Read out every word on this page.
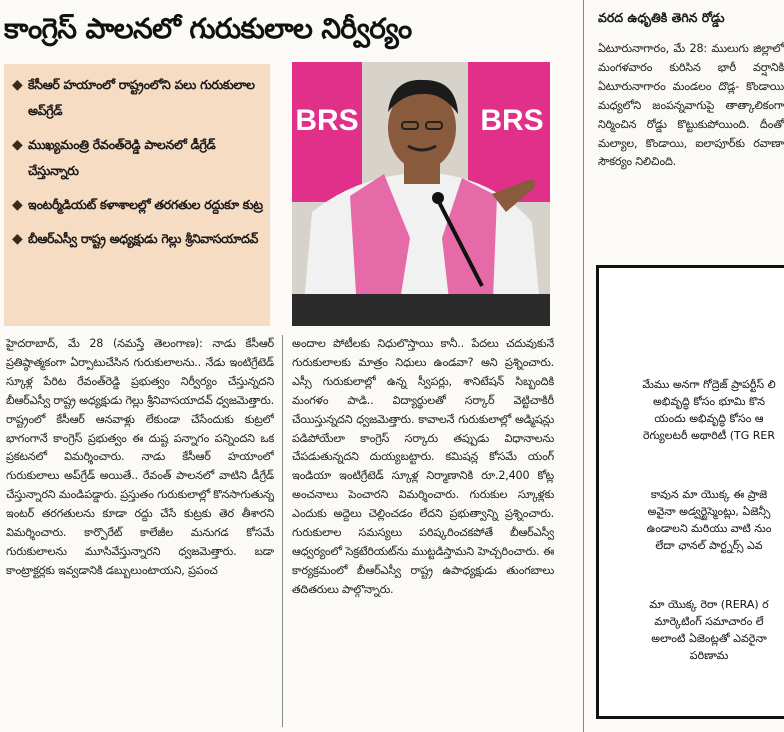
కాంగ్రెస్ పాలనలో గురుకులాల నిర్వీర్యం
◆ కేసీఆర్ హయాంలో రాష్ట్రంలోని పలు గురుకులాల అప్‌గ్రేడ్
◆ ముఖ్యమంత్రి రేవంత్‌రెడ్డి పాలనలో డీగ్రేడ్ చేస్తున్నారు
◆ ఇంటర్మీడియట్ కళాశాలల్లో తరగతుల రద్దుకూ కుట్ర
◆ బీఆర్ఎస్వీ రాష్ట్ర అధ్యక్షుడు గెల్లు శ్రీనివాసయాదవ్
BRS	BRS

హైదరాబాద్, మే 28 (నమస్తే తెలంగాణ): నాడు కేసీఆర్ ప్రతిష్ఠాత్మకంగా ఏర్పాటుచేసిన గురుకులాలను.. నేడు ఇంటిగ్రేటెడ్ స్కూళ్ల పేరిట రేవంత్‌రెడ్డి ప్రభుత్వం నిర్వీర్యం చేస్తున్నదని బీఆర్ఎస్వీ రాష్ట్ర అధ్యక్షుడు గెల్లు శ్రీనివాసయాదవ్ ధ్వజమెత్తారు. రాష్ట్రంలో కేసీఆర్ ఆనవాళ్లు లేకుండా చేసేందుకు కుట్రలో భాగంగానే కాంగ్రెస్ ప్రభుత్వం ఈ దుష్ట పన్నాగం పన్నిందని ఒక ప్రకటనలో విమర్శించారు. నాడు కేసీఆర్ హయాంలో గురుకులాలు అప్‌గ్రేడ్ అయితే.. రేవంత్ పాలనలో వాటిని డీగ్రేడ్ చేస్తున్నారని మండిపడ్డారు. ప్రస్తుతం గురుకులాల్లో కొనసాగుతున్న ఇంటర్ తరగతులను కూడా రద్దు చేసే కుట్రకు తెర తీశారని విమర్శించారు. కార్పొరేట్ కాలేజీల మనుగడ కోసమే గురుకులాలను మూసివేస్తున్నారని ధ్వజమెత్తారు. బడా కాంట్రాక్టర్లకు ఇవ్వడానికి డబ్బులుంటాయని, ప్రపంచ

అందాల పోటీలకు నిధులొస్తాయి కానీ.. పేదలు చదువుకునే గురుకులాలకు మాత్రం నిధులు ఉండవా? అని ప్రశ్నించారు. ఎస్సీ గురుకులాల్లో ఉన్న స్వీపర్లు, శానిటేషన్ సిబ్బందికి మంగళం పాడి.. విద్యార్థులతో సర్కార్ వెట్టిచాకిరీ చేయిస్తున్నదని ధ్వజమెత్తారు. కావాలనే గురుకులాల్లో అడ్మిషన్లు పడిపోయేలా కాంగ్రెస్ సర్కారు తప్పుడు విధానాలను చేపడుతున్నదని దుయ్యబట్టారు. కమిషన్ల కోసమే యంగ్ ఇండియా ఇంటిగ్రేటెడ్ స్కూళ్ల నిర్మాణానికి రూ.2,400 కోట్ల అంచనాలు పెంచారని విమర్శించారు. గురుకుల స్కూళ్లకు ఎందుకు అద్దెలు చెల్లించడం లేదని ప్రభుత్వాన్ని ప్రశ్నించారు. గురుకులాల సమస్యలు పరిష్కరించకపోతే బీఆర్ఎస్వీ ఆధ్వర్యంలో సెక్రటేరియట్‌ను ముట్టడిస్తామని హెచ్చరించారు. ఈ కార్యక్రమంలో బీఆర్ఎస్వీ రాష్ట్ర ఉపాధ్యక్షుడు తుంగబాలు తదితరులు పాల్గొన్నారు.

వరద ఉధృతికి తెగిన రోడ్డు

ఏటూరునాగారం, మే 28: ములుగు జిల్లాలో మంగళవారం కురిసిన భారీ వర్షానికి ఏటూరునాగారం మండలం దొడ్ల- కొండాయి మధ్యలోని జంపన్నవాగుపై తాత్కాలికంగా నిర్మించిన రోడ్డు కొట్టుకుపోయింది. దీంతో మల్యాల, కొండాయి, ఐలాపూర్‌కు రవాణా సౌకర్యం నిలిచింది.

మేము అనగా గోద్రెజ్ ప్రాపర్టీస్ లి
అభివృద్ధి కోసం భూమి కొన
యందు అభివృద్ధి కోసం ఆ
రెగ్యులటరీ అథారిటీ (TG RER
కావున మా యొక్క ఈ ప్రాజె
అవైనా అడ్వర్టైస్మెంట్లు, ఏజెన్సీ
ఉండాలని మరియు వాటి నుం
లేదా ఛానల్ పార్ట్నర్స్ ఎవ
మా యొక్క రెరా (RERA) ర
మార్కెటింగ్ సమాచారం లే
అలాంటి ఏజెంట్లతో ఎవరైనా
పరిణామ
